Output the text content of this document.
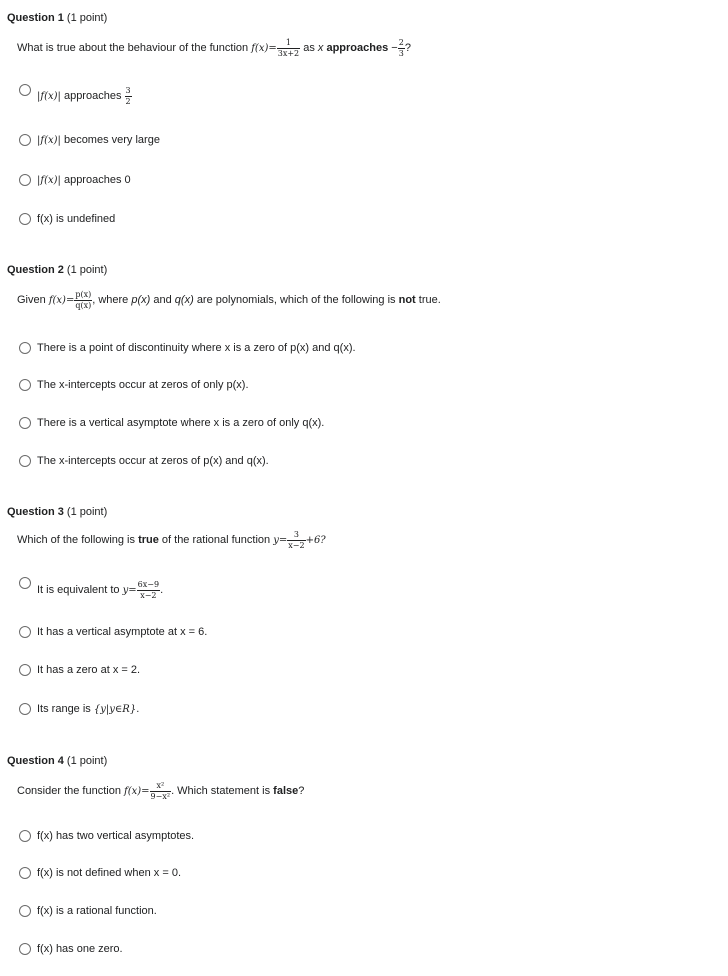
Question 1 (1 point)
What is true about the behaviour of the function $f(x)= \frac{1}{3x+2}$ as x approaches − $\frac{2}{3}$ ?
|f(x)| approaches $\frac{3}{2}$
|f(x)| becomes very large
|f(x)| approaches 0
f(x) is undefined
Question 2 (1 point)
Given $f(x)= \frac{p(x)}{q(x)}$ , where p(x) and q(x) are polynomials, which of the following is not true.
There is a point of discontinuity where x is a zero of p(x) and q(x).
The x-intercepts occur at zeros of only p(x).
There is a vertical asymptote where x is a zero of only q(x).
The x-intercepts occur at zeros of p(x) and q(x).
Question 3 (1 point)
Which of the following is true of the rational function $y= \frac{3}{x-2} +6$?
It is equivalent to $y= \frac{6x-9}{x-2}$ .
It has a vertical asymptote at x = 6.
It has a zero at x = 2.
Its range is {y|y∈R}.
Question 4 (1 point)
Consider the function $f(x)= \frac{\text{x²}}{\text{9−x²}}$ . Which statement is false?
f(x) has two vertical asymptotes.
f(x) is not defined when x = 0.
f(x) is a rational function.
f(x) has one zero.
